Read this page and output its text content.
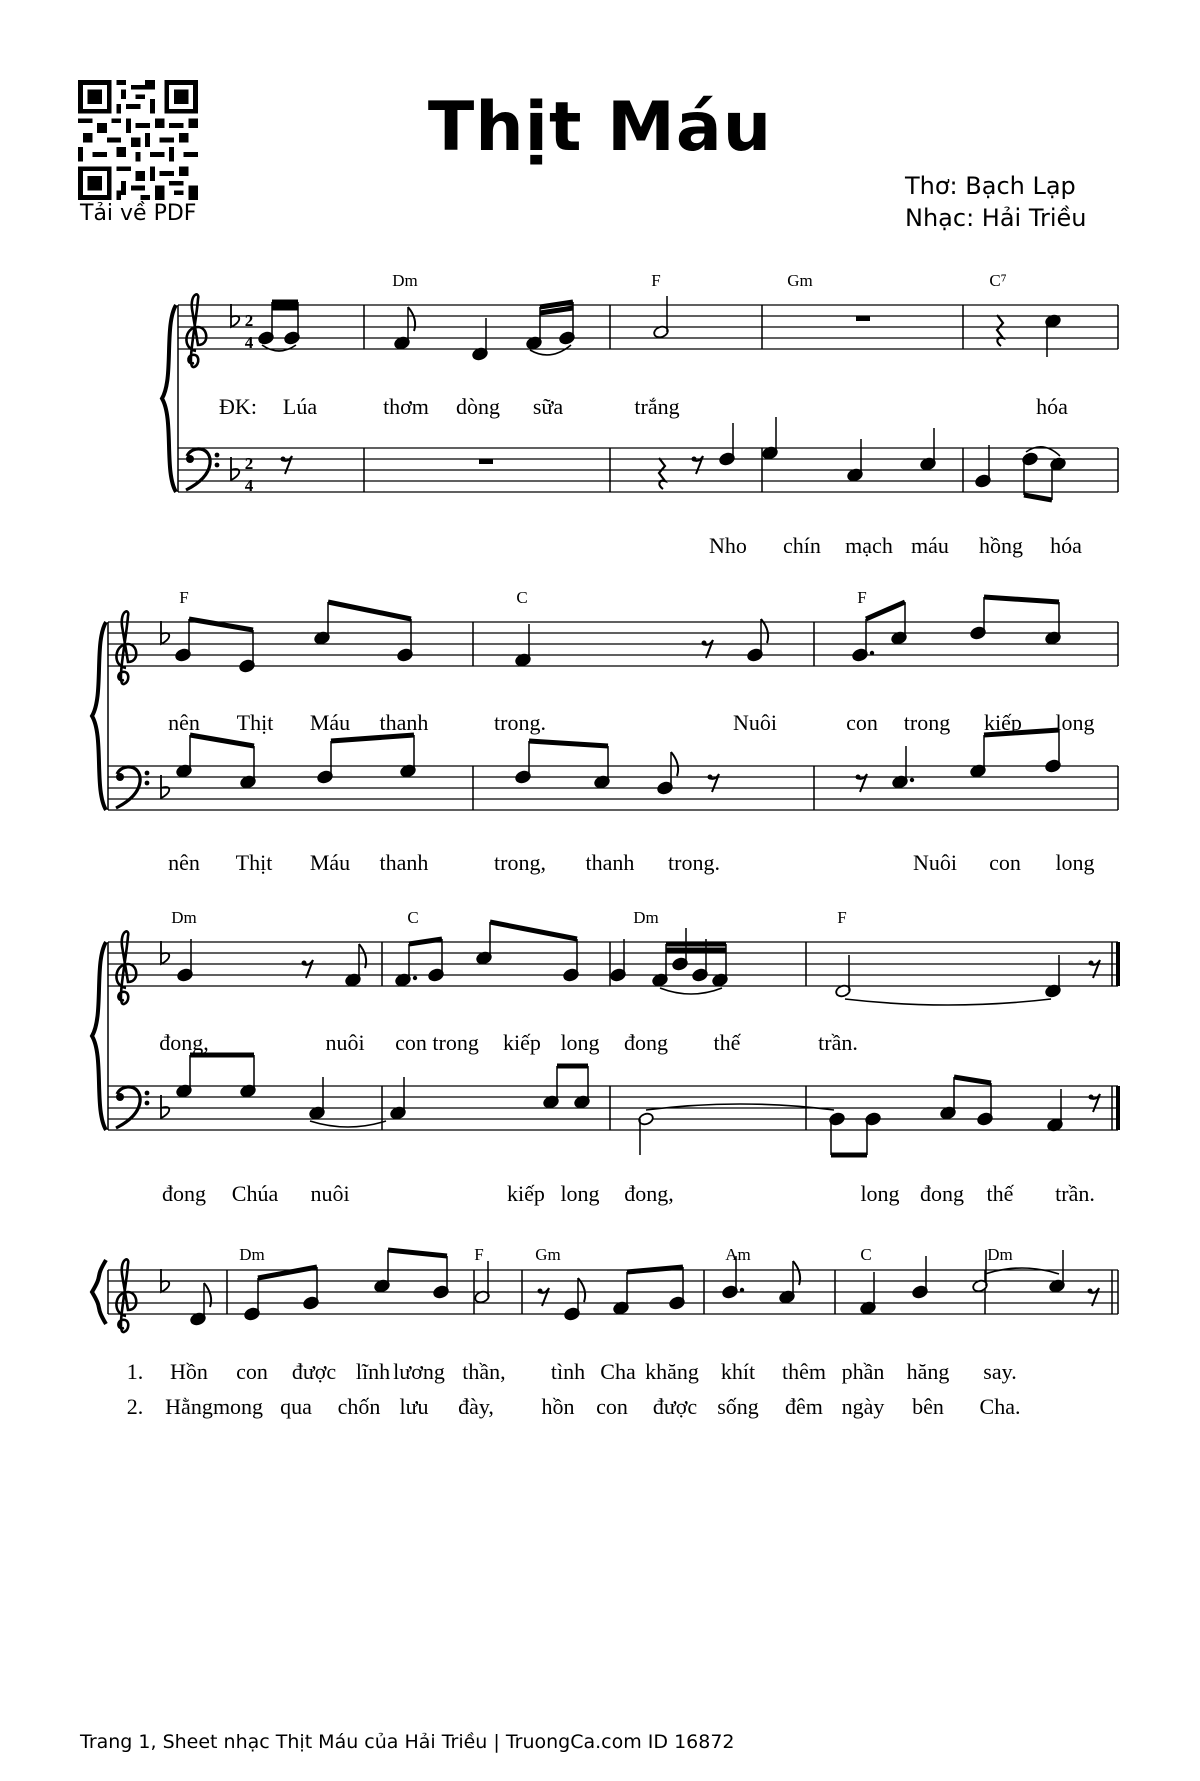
Tải về PDF
Thịt Máu
Thơ: Bạch Lạp
Nhạc: Hải Triều
2
4
2
4
Dm	F	Gm	C⁷
ĐK: Lúa	thơm dòng sữa	trắng	hóa
Nho chín mạch máu hồng hóa
F	C	F
nên Thịt Máu thanh	trong.	Nuôi	con trong kiếp long
nên Thịt Máu thanh	trong, thanh trong.	Nuôi con long
Dm	C	Dm	F
đong,	nuôi con trong kiếp long đong thế	trần.
đong Chúa nuôi	kiếp long đong,	long đong thế trần.
Dm	F	Gm	Am	C	Dm
1. Hồn con được lĩnh lương thần, tình Cha khăng khít thêm phần hăng say.
2. Hằng mong qua chốn lưu đày, hồn con được sống đêm ngày bên Cha.
Trang 1, Sheet nhạc Thịt Máu của Hải Triều | TruongCa.com ID 16872
